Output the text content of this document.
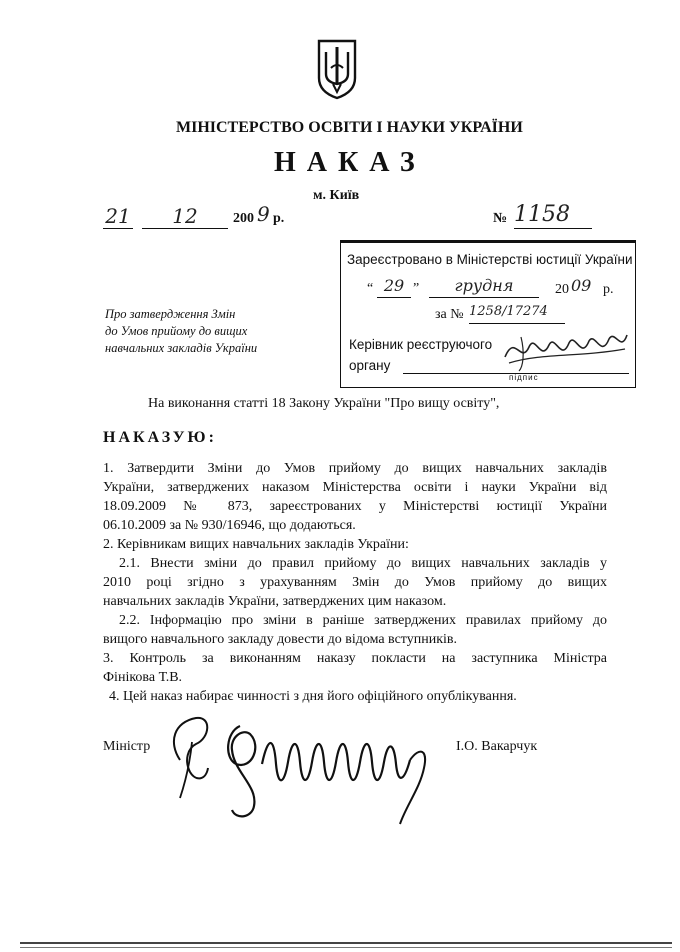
МІНІСТЕРСТВО ОСВІТИ І НАУКИ УКРАЇНИ
НАКАЗ
м. Київ
21	12	200 9 р.	№ 1158
Зареєстровано в Міністерстві юстиції України
“ 29 ”	грудня	20 09 р.
за № 1258/17274
Керівник реєструючого
органу
підпис
Про затвердження Змін
до Умов прийому до вищих
навчальних закладів України
На виконання статті 18 Закону України "Про вищу освіту",
НАКАЗУЮ:
1. Затвердити Зміни до Умов прийому до вищих навчальних закладів
України, затверджених наказом Міністерства освіти і науки України від
18.09.2009 № 873, зареєстрованих у Міністерстві юстиції України
06.10.2009 за № 930/16946, що додаються.
2. Керівникам вищих навчальних закладів України:
2.1. Внести зміни до правил прийому до вищих навчальних закладів у
2010 році згідно з урахуванням Змін до Умов прийому до вищих
навчальних закладів України, затверджених цим наказом.
2.2. Інформацію про зміни в раніше затверджених правилах прийому до
вищого навчального закладу довести до відома вступників.
3. Контроль за виконанням наказу покласти на заступника Міністра
Фінікова Т.В.
4. Цей наказ набирає чинності з дня його офіційного опублікування.
Міністр	І.О. Вакарчук
